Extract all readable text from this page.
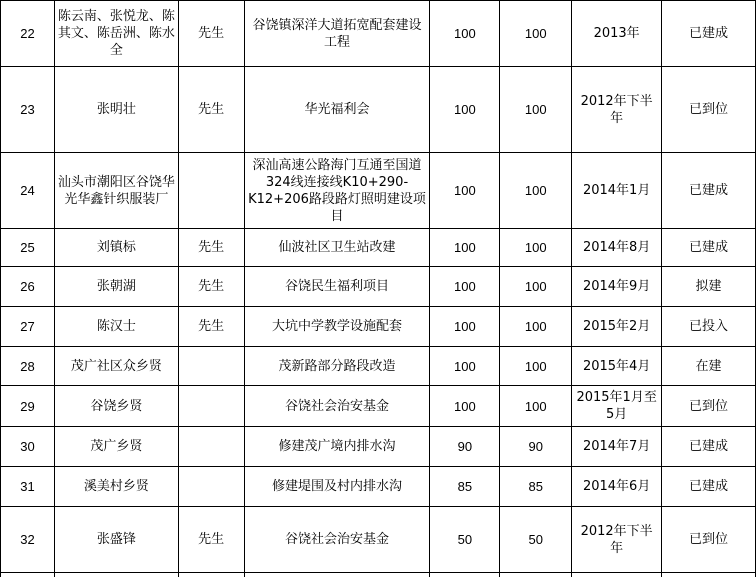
22	陈云南、张悦龙、陈其文、陈岳洲、陈水全	先生	谷饶镇深洋大道拓宽配套建设工程	100	100	2013年	已建成
23	张明壮	先生	华光福利会	100	100	2012年下半年	已到位
24	汕头市潮阳区谷饶华光华鑫针织服装厂		深汕高速公路海门互通至国道324线连接线K10+290-K12+206路段路灯照明建设项目	100	100	2014年1月	已建成
25	刘镇标	先生	仙波社区卫生站改建	100	100	2014年8月	已建成
26	张朝湖	先生	谷饶民生福利项目	100	100	2014年9月	拟建
27	陈汉士	先生	大坑中学教学设施配套	100	100	2015年2月	已投入
28	茂广社区众乡贤		茂新路部分路段改造	100	100	2015年4月	在建
29	谷饶乡贤		谷饶社会治安基金	100	100	2015年1月至5月	已到位
30	茂广乡贤		修建茂广境内排水沟	90	90	2014年7月	已建成
31	溪美村乡贤		修建堤围及村内排水沟	85	85	2014年6月	已建成
32	张盛锋	先生	谷饶社会治安基金	50	50	2012年下半年	已到位
